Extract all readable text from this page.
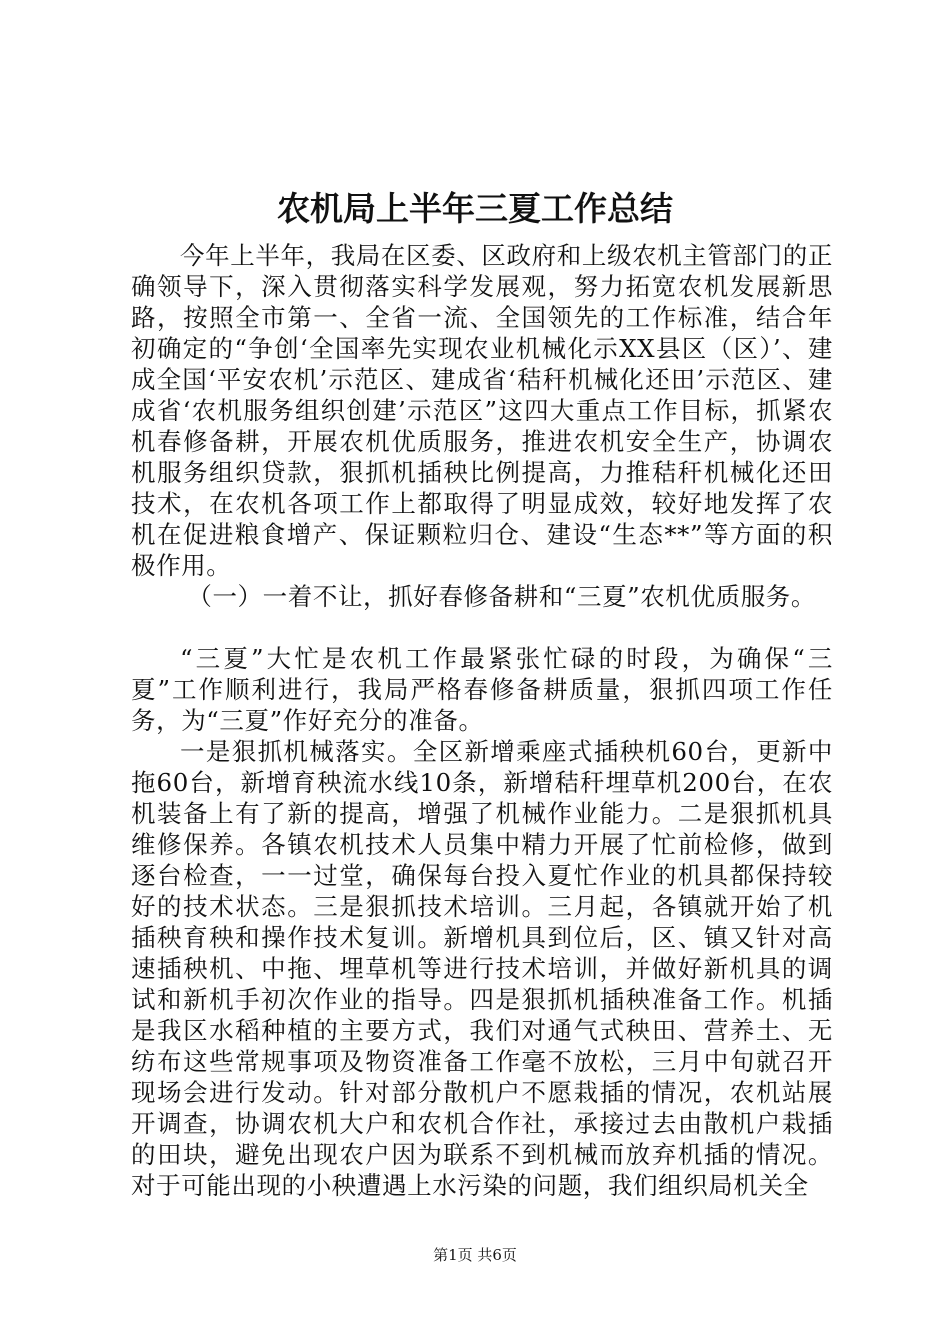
农机局上半年三夏工作总结

今年上半年，我局在区委、区政府和上级农机主管部门的正确领导下，深入贯彻落实科学发展观，努力拓宽农机发展新思路，按照全市第一、全省一流、全国领先的工作标准，结合年初确定的“争创‘全国率先实现农业机械化示XX县区（区）’、建成全国‘平安农机’示范区、建成省‘秸秆机械化还田’示范区、建成省‘农机服务组织创建’示范区”这四大重点工作目标，抓紧农机春修备耕，开展农机优质服务，推进农机安全生产，协调农机服务组织贷款，狠抓机插秧比例提高，力推秸秆机械化还田技术，在农机各项工作上都取得了明显成效，较好地发挥了农机在促进粮食增产、保证颗粒归仓、建设“生态**”等方面的积极作用。

（一）一着不让，抓好春修备耕和“三夏”农机优质服务。

“三夏”大忙是农机工作最紧张忙碌的时段，为确保“三夏”工作顺利进行，我局严格春修备耕质量，狠抓四项工作任务，为“三夏”作好充分的准备。

一是狠抓机械落实。全区新增乘座式插秧机60台，更新中拖60台，新增育秧流水线10条，新增秸秆埋草机200台，在农机装备上有了新的提高，增强了机械作业能力。二是狠抓机具维修保养。各镇农机技术人员集中精力开展了忙前检修，做到逐台检查，一一过堂，确保每台投入夏忙作业的机具都保持较好的技术状态。三是狠抓技术培训。三月起，各镇就开始了机插秧育秧和操作技术复训。新增机具到位后，区、镇又针对高速插秧机、中拖、埋草机等进行技术培训，并做好新机具的调试和新机手初次作业的指导。四是狠抓机插秧准备工作。机插是我区水稻种植的主要方式，我们对通气式秧田、营养土、无纺布这些常规事项及物资准备工作毫不放松，三月中旬就召开现场会进行发动。针对部分散机户不愿栽插的情况，农机站展开调查，协调农机大户和农机合作社，承接过去由散机户栽插的田块，避免出现农户因为联系不到机械而放弃机插的情况。对于可能出现的小秧遭遇上水污染的问题，我们组织局机关全

第1页 共6页
